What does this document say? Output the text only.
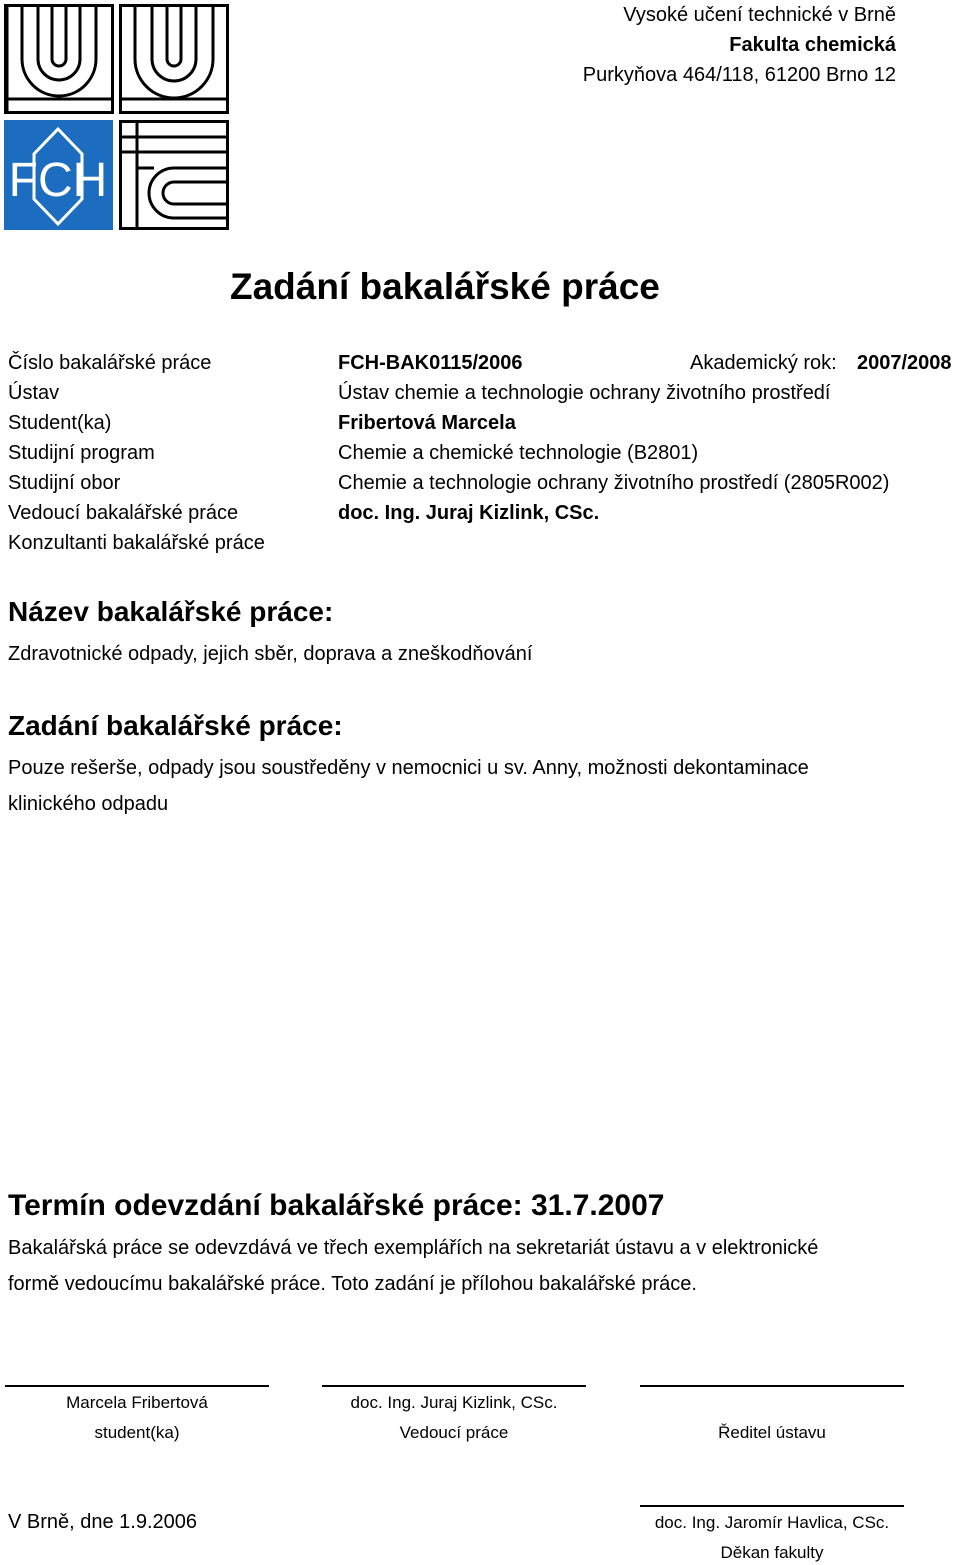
FCH
Vysoké učení technické v Brně
Fakulta chemická
Purkyňova 464/118, 61200 Brno 12
Zadání bakalářské práce
Číslo bakalářské práce	FCH-BAK0115/2006	Akademický rok: 2007/2008
Ústav	Ústav chemie a technologie ochrany životního prostředí
Student(ka)	Fribertová Marcela
Studijní program	Chemie a chemické technologie (B2801)
Studijní obor	Chemie a technologie ochrany životního prostředí (2805R002)
Vedoucí bakalářské práce	doc. Ing. Juraj Kizlink, CSc.
Konzultanti bakalářské práce
Název bakalářské práce:
Zdravotnické odpady, jejich sběr, doprava a zneškodňování
Zadání bakalářské práce:
Pouze rešerše, odpady jsou soustředěny v nemocnici u sv. Anny, možnosti dekontaminace
klinického odpadu
Termín odevzdání bakalářské práce: 31.7.2007
Bakalářská práce se odevzdává ve třech exemplářích na sekretariát ústavu a v elektronické
formě vedoucímu bakalářské práce. Toto zadání je přílohou bakalářské práce.
Marcela Fribertová	doc. Ing. Juraj Kizlink, CSc.
student(ka)	Vedoucí práce	Ředitel ústavu
V Brně, dne 1.9.2006	doc. Ing. Jaromír Havlica, CSc.
Děkan fakulty
